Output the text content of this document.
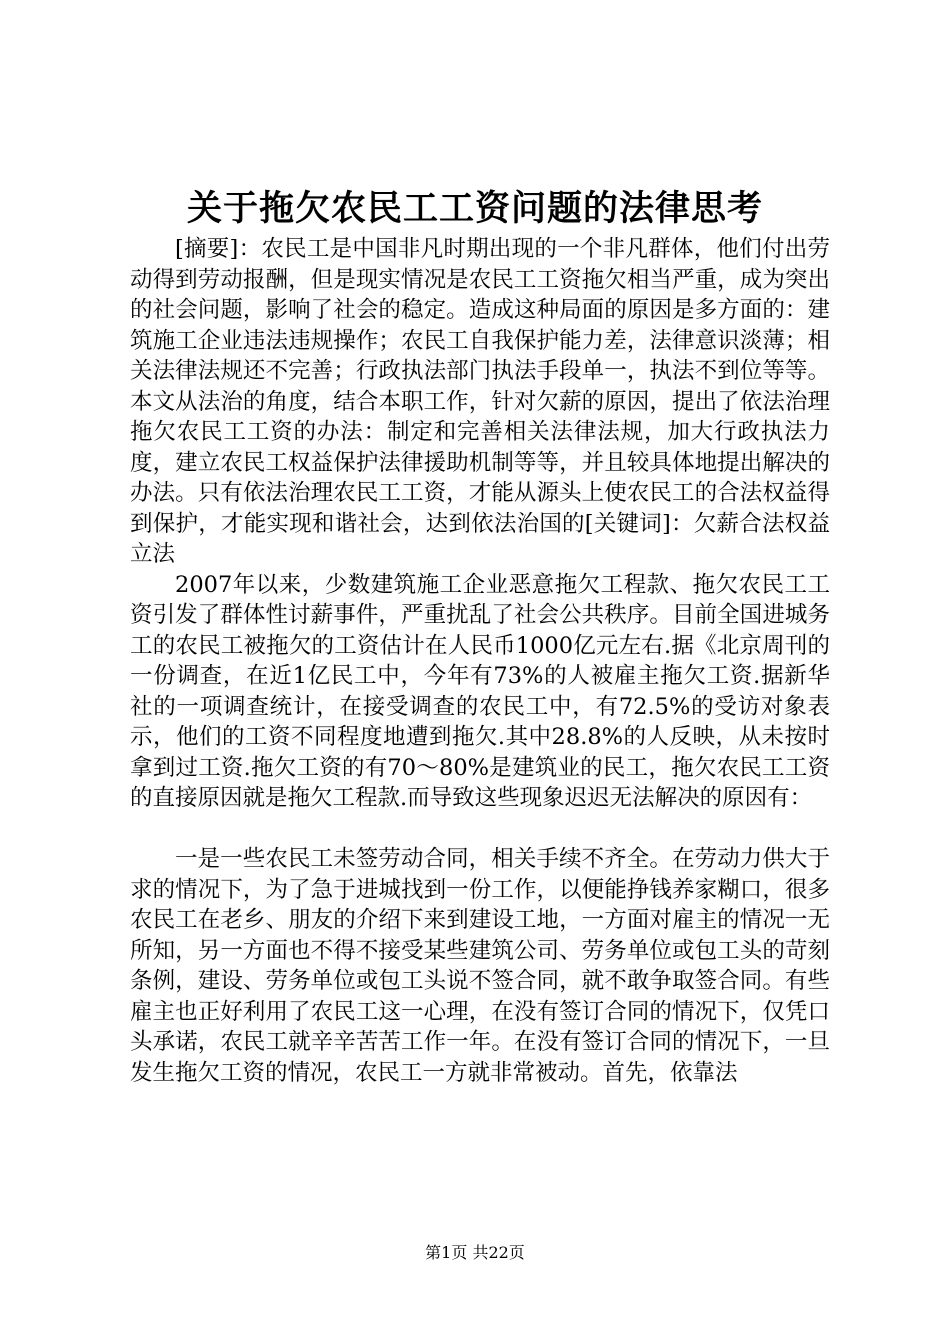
关于拖欠农民工工资问题的法律思考

[摘要]：农民工是中国非凡时期出现的一个非凡群体，他们付出劳动得到劳动报酬，但是现实情况是农民工工资拖欠相当严重，成为突出的社会问题，影响了社会的稳定。造成这种局面的原因是多方面的：建筑施工企业违法违规操作；农民工自我保护能力差，法律意识淡薄；相关法律法规还不完善；行政执法部门执法手段单一，执法不到位等等。本文从法治的角度，结合本职工作，针对欠薪的原因，提出了依法治理拖欠农民工工资的办法：制定和完善相关法律法规，加大行政执法力度，建立农民工权益保护法律援助机制等等，并且较具体地提出解决的办法。只有依法治理农民工工资，才能从源头上使农民工的合法权益得到保护，才能实现和谐社会，达到依法治国的[关键词]：欠薪合法权益立法

2007年以来，少数建筑施工企业恶意拖欠工程款、拖欠农民工工资引发了群体性讨薪事件，严重扰乱了社会公共秩序。目前全国进城务工的农民工被拖欠的工资估计在人民币1000亿元左右.据《北京周刊的一份调查，在近1亿民工中，今年有73%的人被雇主拖欠工资.据新华社的一项调查统计，在接受调查的农民工中，有72.5%的受访对象表示，他们的工资不同程度地遭到拖欠.其中28.8%的人反映，从未按时拿到过工资.拖欠工资的有70～80%是建筑业的民工，拖欠农民工工资的直接原因就是拖欠工程款.而导致这些现象迟迟无法解决的原因有：

一是一些农民工未签劳动合同，相关手续不齐全。在劳动力供大于求的情况下，为了急于进城找到一份工作，以便能挣钱养家糊口，很多农民工在老乡、朋友的介绍下来到建设工地，一方面对雇主的情况一无所知，另一方面也不得不接受某些建筑公司、劳务单位或包工头的苛刻条例，建设、劳务单位或包工头说不签合同，就不敢争取签合同。有些雇主也正好利用了农民工这一心理，在没有签订合同的情况下，仅凭口头承诺，农民工就辛辛苦苦工作一年。在没有签订合同的情况下，一旦发生拖欠工资的情况，农民工一方就非常被动。首先，依靠法

第1页 共22页
